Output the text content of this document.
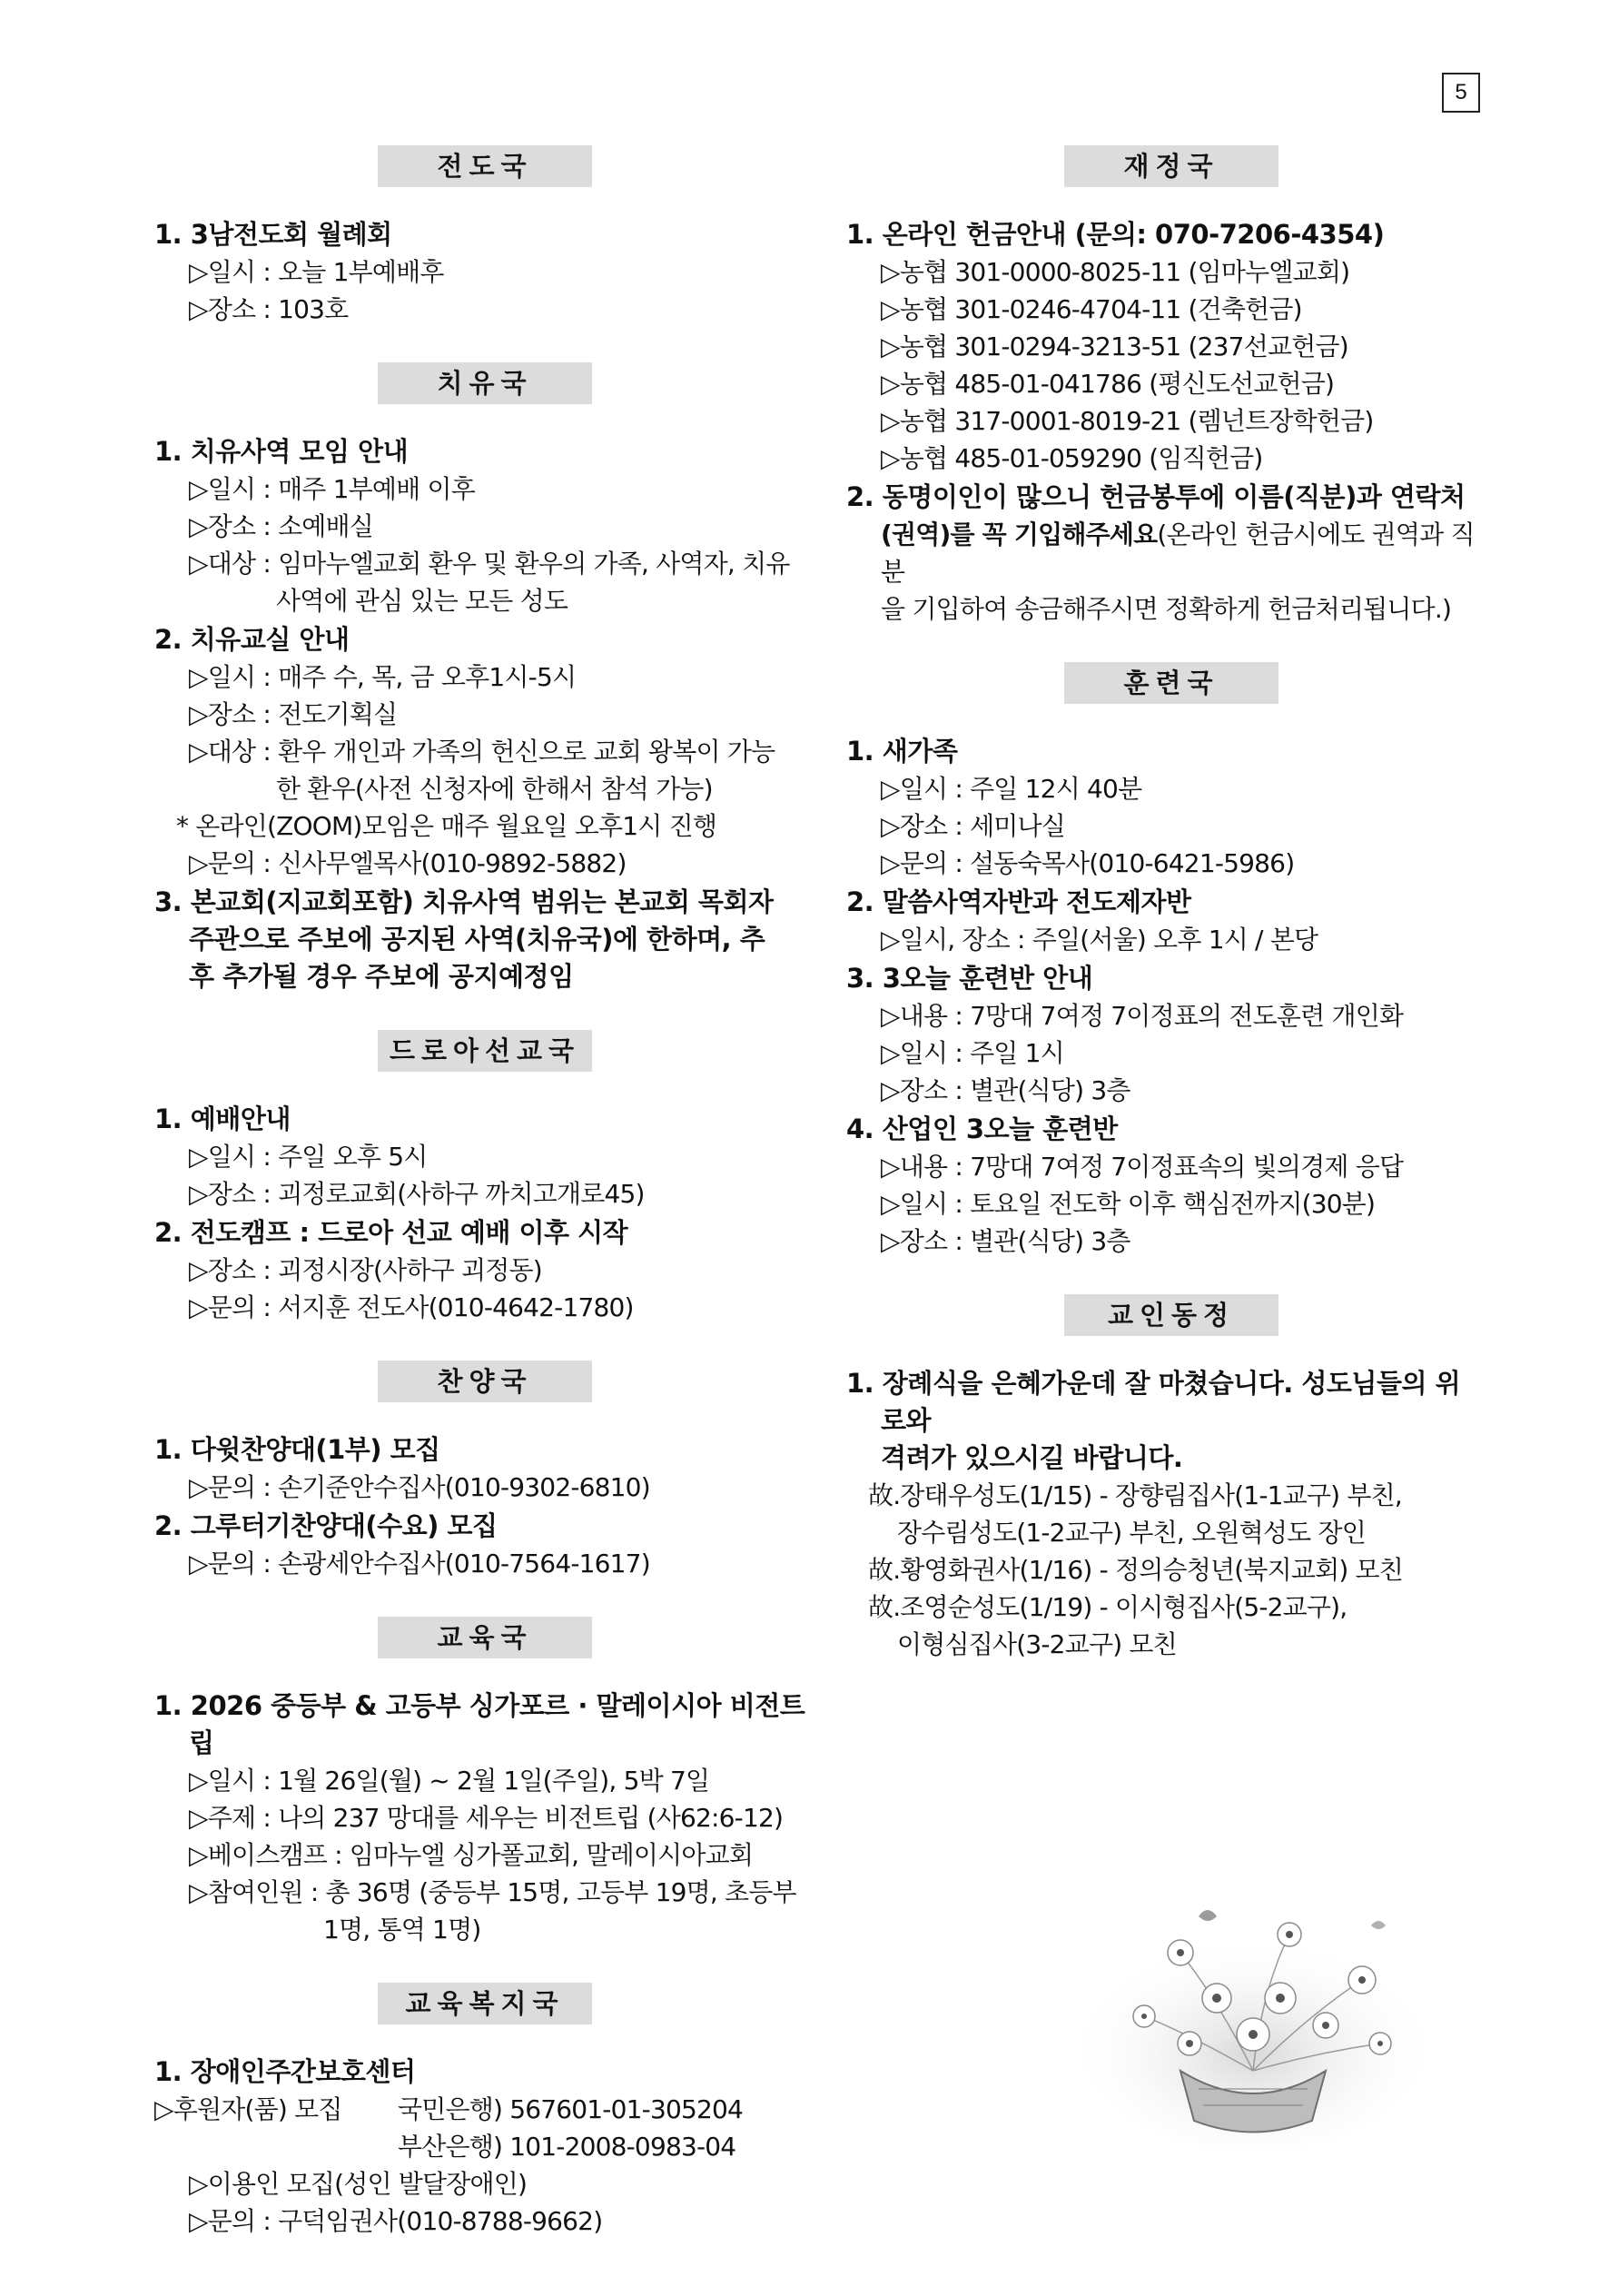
5
전도국
1. 3남전도회 월례회
▷일시 : 오늘 1부예배후
▷장소 : 103호
치유국
1. 치유사역 모임 안내
▷일시 : 매주 1부예배 이후
▷장소 : 소예배실
▷대상 : 임마누엘교회 환우 및 환우의 가족, 사역자, 치유
사역에 관심 있는 모든 성도
2. 치유교실 안내
▷일시 : 매주 수, 목, 금 오후1시-5시
▷장소 : 전도기획실
▷대상 : 환우 개인과 가족의 헌신으로 교회 왕복이 가능
한 환우(사전 신청자에 한해서 참석 가능)
* 온라인(ZOOM)모임은 매주 월요일 오후1시 진행
▷문의 : 신사무엘목사(010-9892-5882)
3. 본교회(지교회포함) 치유사역 범위는 본교회 목회자
주관으로 주보에 공지된 사역(치유국)에 한하며, 추
후 추가될 경우 주보에 공지예정임
드로아선교국
1. 예배안내
▷일시 : 주일 오후 5시
▷장소 : 괴정로교회(사하구 까치고개로45)
2. 전도캠프 : 드로아 선교 예배 이후 시작
▷장소 : 괴정시장(사하구 괴정동)
▷문의 : 서지훈 전도사(010-4642-1780)
찬양국
1. 다윗찬양대(1부) 모집
▷문의 : 손기준안수집사(010-9302-6810)
2. 그루터기찬양대(수요) 모집
▷문의 : 손광세안수집사(010-7564-1617)
교육국
1. 2026 중등부 & 고등부 싱가포르 · 말레이시아 비전트립
▷일시 : 1월 26일(월) ~ 2월 1일(주일), 5박 7일
▷주제 : 나의 237 망대를 세우는 비전트립 (사62:6-12)
▷베이스캠프 : 임마누엘 싱가폴교회, 말레이시아교회
▷참여인원 : 총 36명 (중등부 15명, 고등부 19명, 초등부
1명, 통역 1명)
교육복지국
1. 장애인주간보호센터
▷후원자(품) 모집 국민은행) 567601-01-305204
부산은행) 101-2008-0983-04
▷이용인 모집(성인 발달장애인)
▷문의 : 구덕임권사(010-8788-9662)
재정국
1. 온라인 헌금안내 (문의: 070-7206-4354)
▷농협 301-0000-8025-11 (임마누엘교회)
▷농협 301-0246-4704-11 (건축헌금)
▷농협 301-0294-3213-51 (237선교헌금)
▷농협 485-01-041786 (평신도선교헌금)
▷농협 317-0001-8019-21 (렘넌트장학헌금)
▷농협 485-01-059290 (임직헌금)
2. 동명이인이 많으니 헌금봉투에 이름(직분)과 연락처
(권역)를 꼭 기입해주세요(온라인 헌금시에도 권역과 직분
을 기입하여 송금해주시면 정확하게 헌금처리됩니다.)
훈련국
1. 새가족
▷일시 : 주일 12시 40분
▷장소 : 세미나실
▷문의 : 설동숙목사(010-6421-5986)
2. 말씀사역자반과 전도제자반
▷일시, 장소 : 주일(서울) 오후 1시 / 본당
3. 3오늘 훈련반 안내
▷내용 : 7망대 7여정 7이정표의 전도훈련 개인화
▷일시 : 주일 1시
▷장소 : 별관(식당) 3층
4. 산업인 3오늘 훈련반
▷내용 : 7망대 7여정 7이정표속의 빛의경제 응답
▷일시 : 토요일 전도학 이후 핵심전까지(30분)
▷장소 : 별관(식당) 3층
교인동정
1. 장례식을 은혜가운데 잘 마쳤습니다. 성도님들의 위로와
격려가 있으시길 바랍니다.
故.장태우성도(1/15) - 장향림집사(1-1교구) 부친,
장수림성도(1-2교구) 부친, 오원혁성도 장인
故.황영화권사(1/16) - 정의승청년(북지교회) 모친
故.조영순성도(1/19) - 이시형집사(5-2교구),
이형심집사(3-2교구) 모친
